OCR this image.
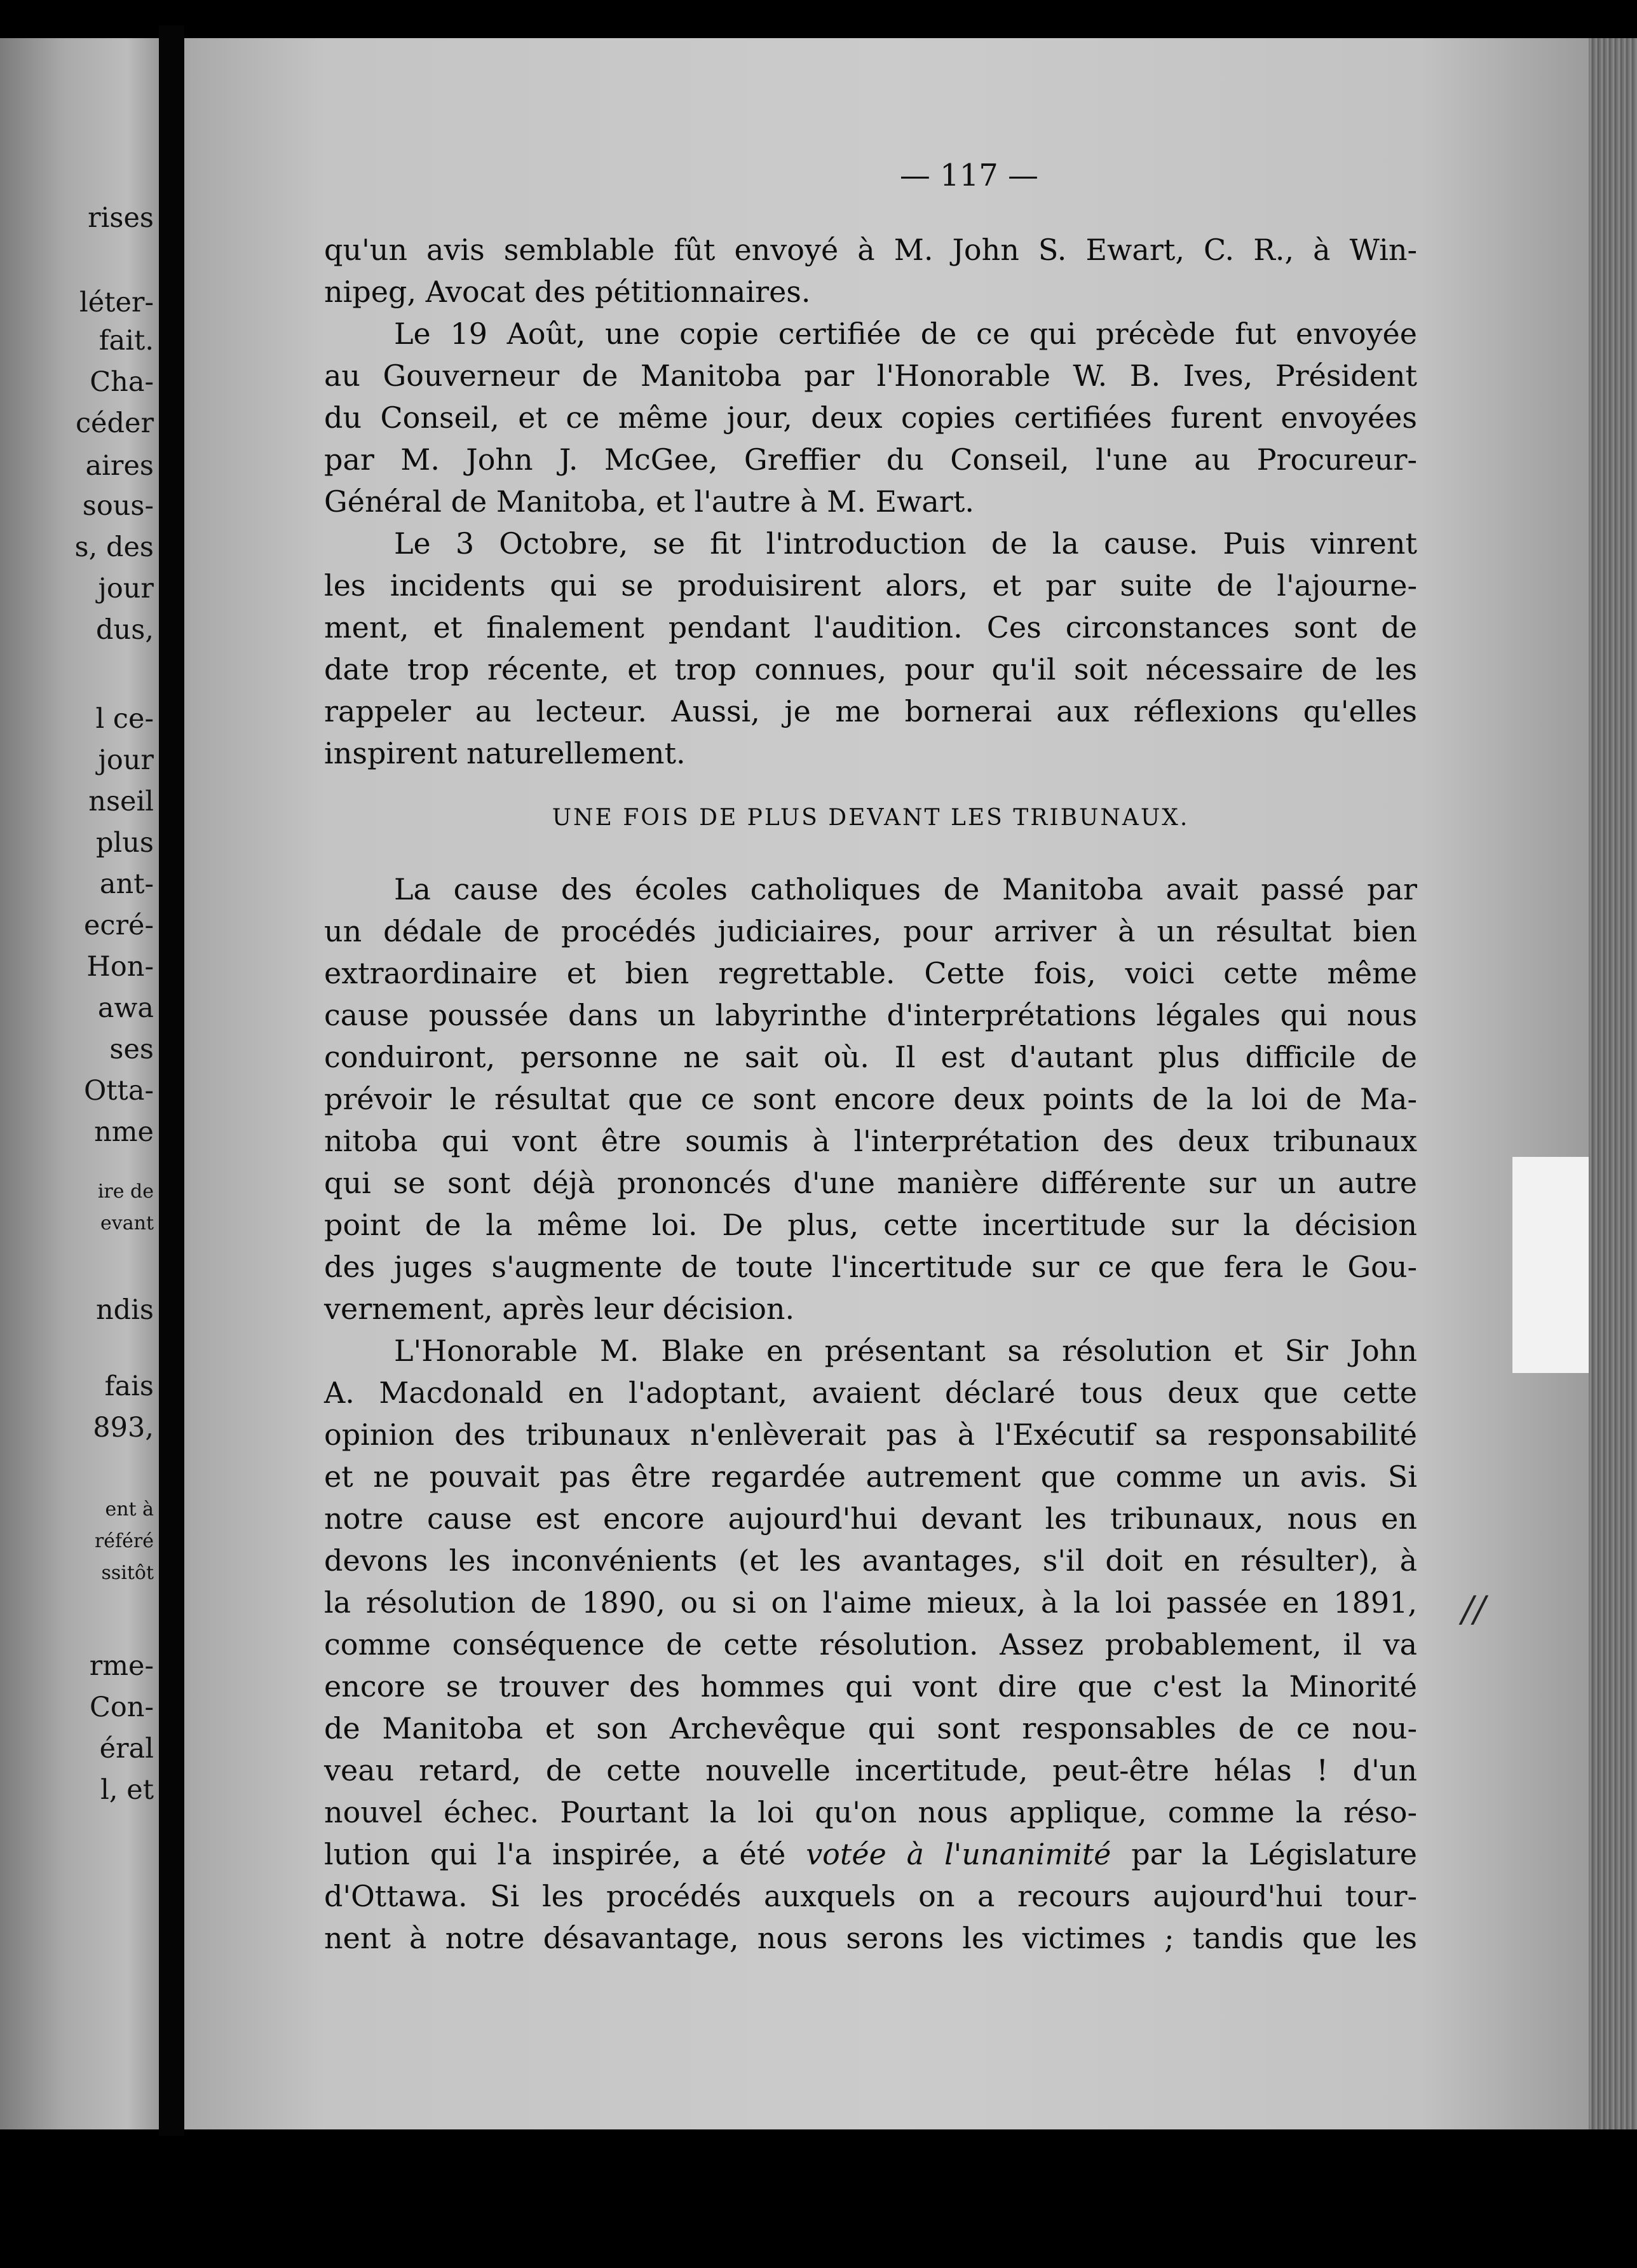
rises
léter-
fait.
Cha-
céder
aires
sous-
s, des
jour
dus,
l ce-
jour
nseil
plus
ant-
ecré-
Hon-
awa
ses
Otta-
nme
ire de
evant
ndis
fais
893,
ent à
référé
ssitôt
rme-
Con-
éral
l, et
— 117 —
qu'un avis semblable fût envoyé à M. John S. Ewart, C. R., à Win-
nipeg, Avocat des pétitionnaires.
Le 19 Août, une copie certifiée de ce qui précède fut envoyée
au Gouverneur de Manitoba par l'Honorable W. B. Ives, Président
du Conseil, et ce même jour, deux copies certifiées furent envoyées
par M. John J. McGee, Greffier du Conseil, l'une au Procureur-
Général de Manitoba, et l'autre à M. Ewart.
Le 3 Octobre, se fit l'introduction de la cause. Puis vinrent
les incidents qui se produisirent alors, et par suite de l'ajourne-
ment, et finalement pendant l'audition. Ces circonstances sont de
date trop récente, et trop connues, pour qu'il soit nécessaire de les
rappeler au lecteur. Aussi, je me bornerai aux réflexions qu'elles
inspirent naturellement.
UNE FOIS DE PLUS DEVANT LES TRIBUNAUX.
La cause des écoles catholiques de Manitoba avait passé par
un dédale de procédés judiciaires, pour arriver à un résultat bien
extraordinaire et bien regrettable. Cette fois, voici cette même
cause poussée dans un labyrinthe d'interprétations légales qui nous
conduiront, personne ne sait où. Il est d'autant plus difficile de
prévoir le résultat que ce sont encore deux points de la loi de Ma-
nitoba qui vont être soumis à l'interprétation des deux tribunaux
qui se sont déjà prononcés d'une manière différente sur un autre
point de la même loi. De plus, cette incertitude sur la décision
des juges s'augmente de toute l'incertitude sur ce que fera le Gou-
vernement, après leur décision.
L'Honorable M. Blake en présentant sa résolution et Sir John
A. Macdonald en l'adoptant, avaient déclaré tous deux que cette
opinion des tribunaux n'enlèverait pas à l'Exécutif sa responsabilité
et ne pouvait pas être regardée autrement que comme un avis. Si
notre cause est encore aujourd'hui devant les tribunaux, nous en
devons les inconvénients (et les avantages, s'il doit en résulter), à
la résolution de 1890, ou si on l'aime mieux, à la loi passée en 1891,
comme conséquence de cette résolution. Assez probablement, il va
encore se trouver des hommes qui vont dire que c'est la Minorité
de Manitoba et son Archevêque qui sont responsables de ce nou-
veau retard, de cette nouvelle incertitude, peut-être hélas ! d'un
nouvel échec. Pourtant la loi qu'on nous applique, comme la réso-
lution qui l'a inspirée, a été votée à l'unanimité par la Législature
d'Ottawa. Si les procédés auxquels on a recours aujourd'hui tour-
nent à notre désavantage, nous serons les victimes ; tandis que les
//
